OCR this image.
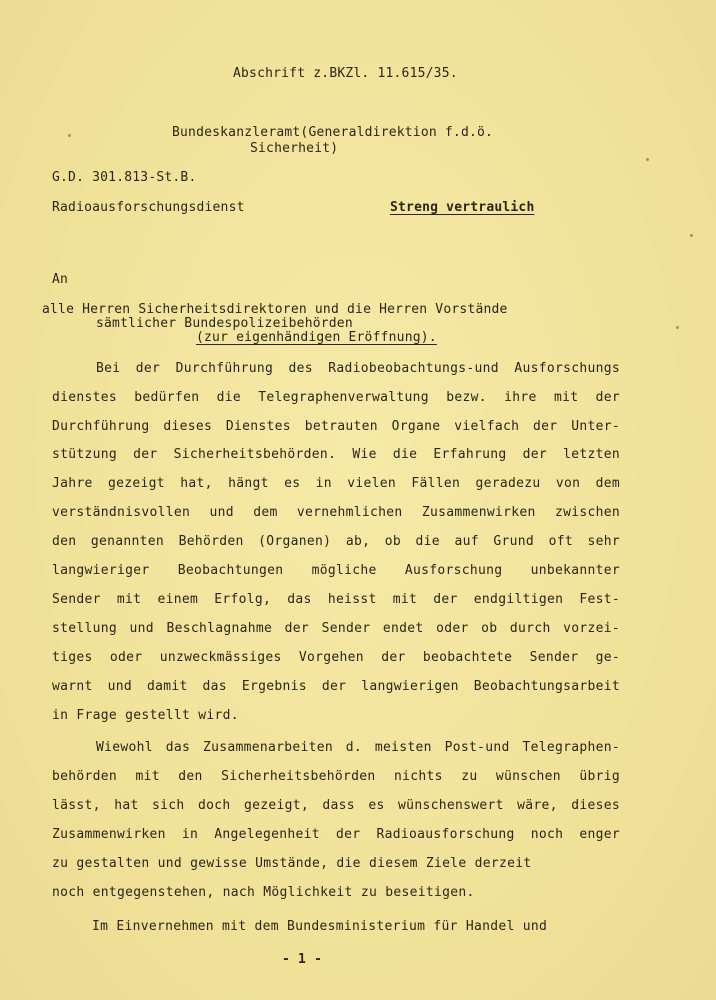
Abschrift z.BKZl. 11.615/35.
Bundeskanzleramt(Generaldirektion f.d.ö.
Sicherheit)
G.D. 301.813-St.B.
Radioausforschungsdienst	Streng vertraulich
An
alle Herren Sicherheitsdirektoren und die Herren Vorstände
sämtlicher Bundespolizeibehörden
(zur eigenhändigen Eröffnung).
Bei der Durchführung des Radiobeobachtungs-und Ausforschungs
dienstes bedürfen die Telegraphenverwaltung bezw. ihre mit der
Durchführung dieses Dienstes betrauten Organe vielfach der Unter-
stützung der Sicherheitsbehörden. Wie die Erfahrung der letzten
Jahre gezeigt hat, hängt es in vielen Fällen geradezu von dem
verständnisvollen und dem vernehmlichen Zusammenwirken zwischen
den genannten Behörden (Organen) ab, ob die auf Grund oft sehr
langwieriger Beobachtungen mögliche Ausforschung unbekannter
Sender mit einem Erfolg, das heisst mit der endgiltigen Fest-
stellung und Beschlagnahme der Sender endet oder ob durch vorzei-
tiges oder unzweckmässiges Vorgehen der beobachtete Sender ge-
warnt und damit das Ergebnis der langwierigen Beobachtungsarbeit
in Frage gestellt wird.
Wiewohl das Zusammenarbeiten d. meisten Post-und Telegraphen-
behörden mit den Sicherheitsbehörden nichts zu wünschen übrig
lässt, hat sich doch gezeigt, dass es wünschenswert wäre, dieses
Zusammenwirken in Angelegenheit der Radioausforschung noch enger
zu gestalten und gewisse Umstände, die diesem Ziele derzeit
noch entgegenstehen, nach Möglichkeit zu beseitigen.
Im Einvernehmen mit dem Bundesministerium für Handel und
- 1 -
